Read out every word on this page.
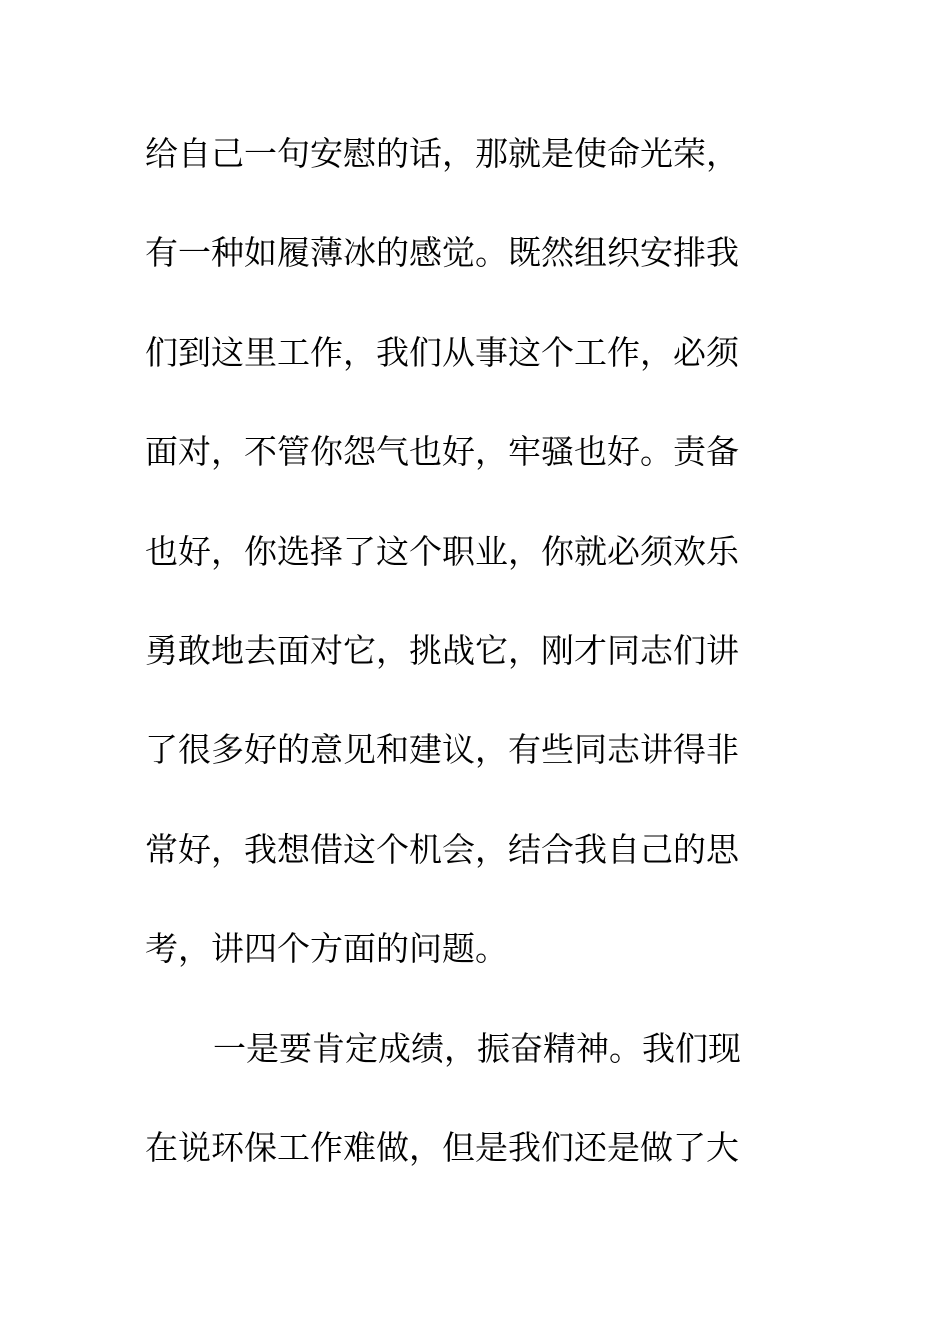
给自己一句安慰的话，那就是使命光荣，
有一种如履薄冰的感觉。既然组织安排我
们到这里工作，我们从事这个工作，必须
面对，不管你怨气也好，牢骚也好。责备
也好，你选择了这个职业，你就必须欢乐
勇敢地去面对它，挑战它，刚才同志们讲
了很多好的意见和建议，有些同志讲得非
常好，我想借这个机会，结合我自己的思
考，讲四个方面的问题。
一是要肯定成绩，振奋精神。我们现
在说环保工作难做，但是我们还是做了大
